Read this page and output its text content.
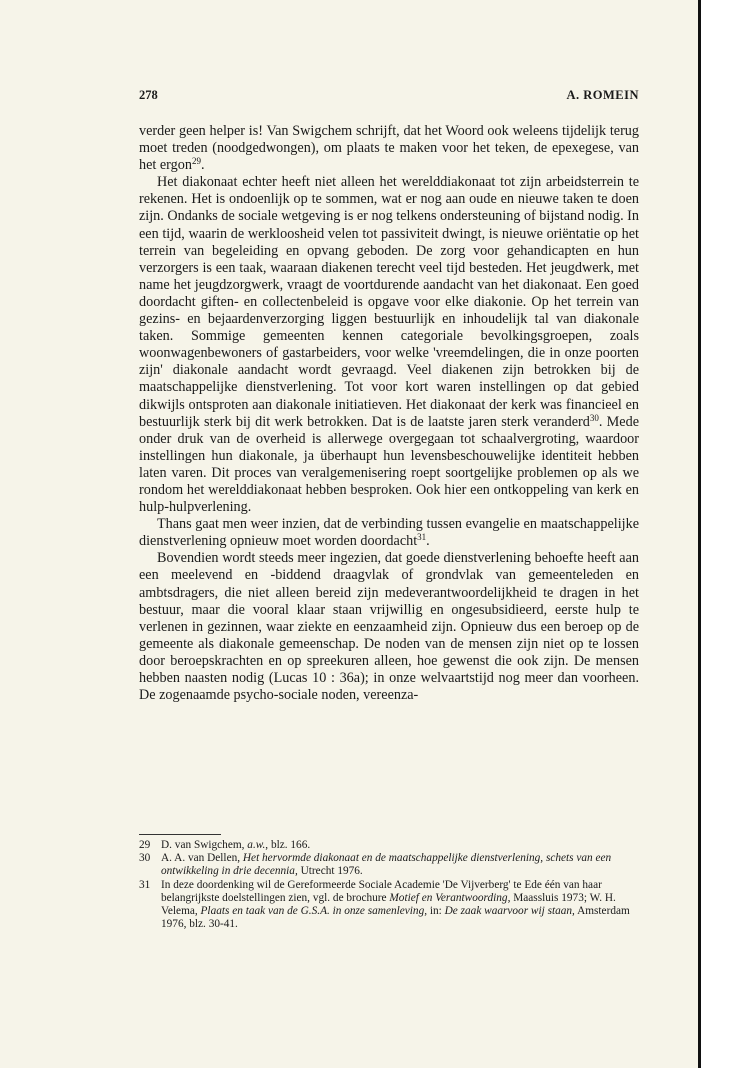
278	A. ROMEIN

verder geen helper is! Van Swigchem schrijft, dat het Woord ook weleens tijdelijk terug moet treden (noodgedwongen), om plaats te maken voor het teken, de epexegese, van het ergon$^{29}$.

Het diakonaat echter heeft niet alleen het werelddiakonaat tot zijn arbeidsterrein te rekenen. Het is ondoenlijk op te sommen, wat er nog aan oude en nieuwe taken te doen zijn. Ondanks de sociale wetgeving is er nog telkens ondersteuning of bijstand nodig. In een tijd, waarin de werkloosheid velen tot passiviteit dwingt, is nieuwe oriëntatie op het terrein van begeleiding en opvang geboden. De zorg voor gehandicapten en hun verzorgers is een taak, waaraan diakenen terecht veel tijd besteden. Het jeugdwerk, met name het jeugdzorgwerk, vraagt de voortdurende aandacht van het diakonaat. Een goed doordacht giften- en collectenbeleid is opgave voor elke diakonie. Op het terrein van gezins- en bejaardenverzorging liggen bestuurlijk en inhoudelijk tal van diakonale taken. Sommige gemeenten kennen categoriale bevolkingsgroepen, zoals woonwagenbewoners of gastarbeiders, voor welke 'vreemdelingen, die in onze poorten zijn' diakonale aandacht wordt gevraagd. Veel diakenen zijn betrokken bij de maatschappelijke dienstverlening. Tot voor kort waren instellingen op dat gebied dikwijls ontsproten aan diakonale initiatieven. Het diakonaat der kerk was financieel en bestuurlijk sterk bij dit werk betrokken. Dat is de laatste jaren sterk veranderd$^{30}$. Mede onder druk van de overheid is allerwege overgegaan tot schaalvergroting, waardoor instellingen hun diakonale, ja überhaupt hun levensbeschouwelijke identiteit hebben laten varen. Dit proces van veralgemenisering roept soortgelijke problemen op als we rondom het werelddiakonaat hebben besproken. Ook hier een ontkoppeling van kerk en hulp-hulpverlening.

Thans gaat men weer inzien, dat de verbinding tussen evangelie en maatschappelijke dienstverlening opnieuw moet worden doordacht$^{31}$.

Bovendien wordt steeds meer ingezien, dat goede dienstverlening behoefte heeft aan een meelevend en -biddend draagvlak of grondvlak van gemeenteleden en ambtsdragers, die niet alleen bereid zijn medeverantwoordelijkheid te dragen in het bestuur, maar die vooral klaar staan vrijwillig en ongesubsidieerd, eerste hulp te verlenen in gezinnen, waar ziekte en eenzaamheid zijn. Opnieuw dus een beroep op de gemeente als diakonale gemeenschap. De noden van de mensen zijn niet op te lossen door beroepskrachten en op spreekuren alleen, hoe gewenst die ook zijn. De mensen hebben naasten nodig (Lucas 10 : 36a); in onze welvaartstijd nog meer dan voorheen. De zogenaamde psycho-sociale noden, vereenza-

29 D. van Swigchem, a.w., blz. 166.
30 A. A. van Dellen, Het hervormde diakonaat en de maatschappelijke dienstverlening, schets van een ontwikkeling in drie decennia, Utrecht 1976.
31 In deze doordenking wil de Gereformeerde Sociale Academie 'De Vijverberg' te Ede één van haar belangrijkste doelstellingen zien, vgl. de brochure Motief en Verantwoording, Maassluis 1973; W. H. Velema, Plaats en taak van de G.S.A. in onze samenleving, in: De zaak waarvoor wij staan, Amsterdam 1976, blz. 30-41.
